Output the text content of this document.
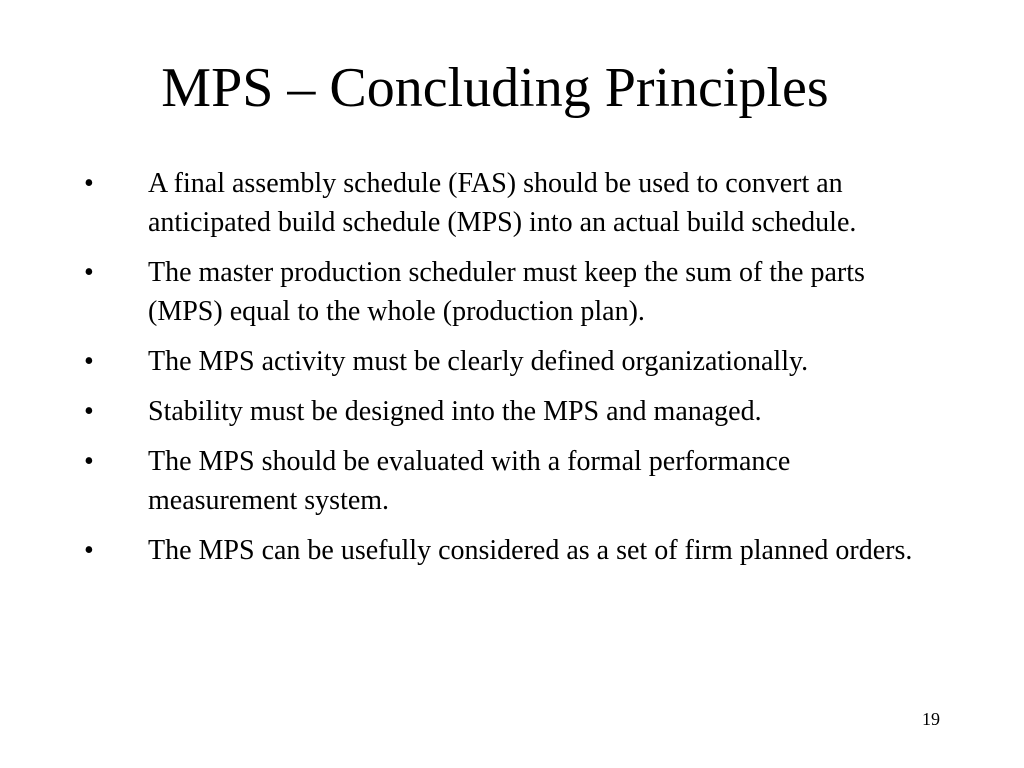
MPS – Concluding Principles
•	A final assembly schedule (FAS) should be used to convert an anticipated build schedule (MPS) into an actual build schedule.
•	The master production scheduler must keep the sum of the parts (MPS) equal to the whole (production plan).
•	The MPS activity must be clearly defined organizationally.
•	Stability must be designed into the MPS and managed.
•	The MPS should be evaluated with a formal performance measurement system.
•	The MPS can be usefully considered as a set of firm planned orders.
19
